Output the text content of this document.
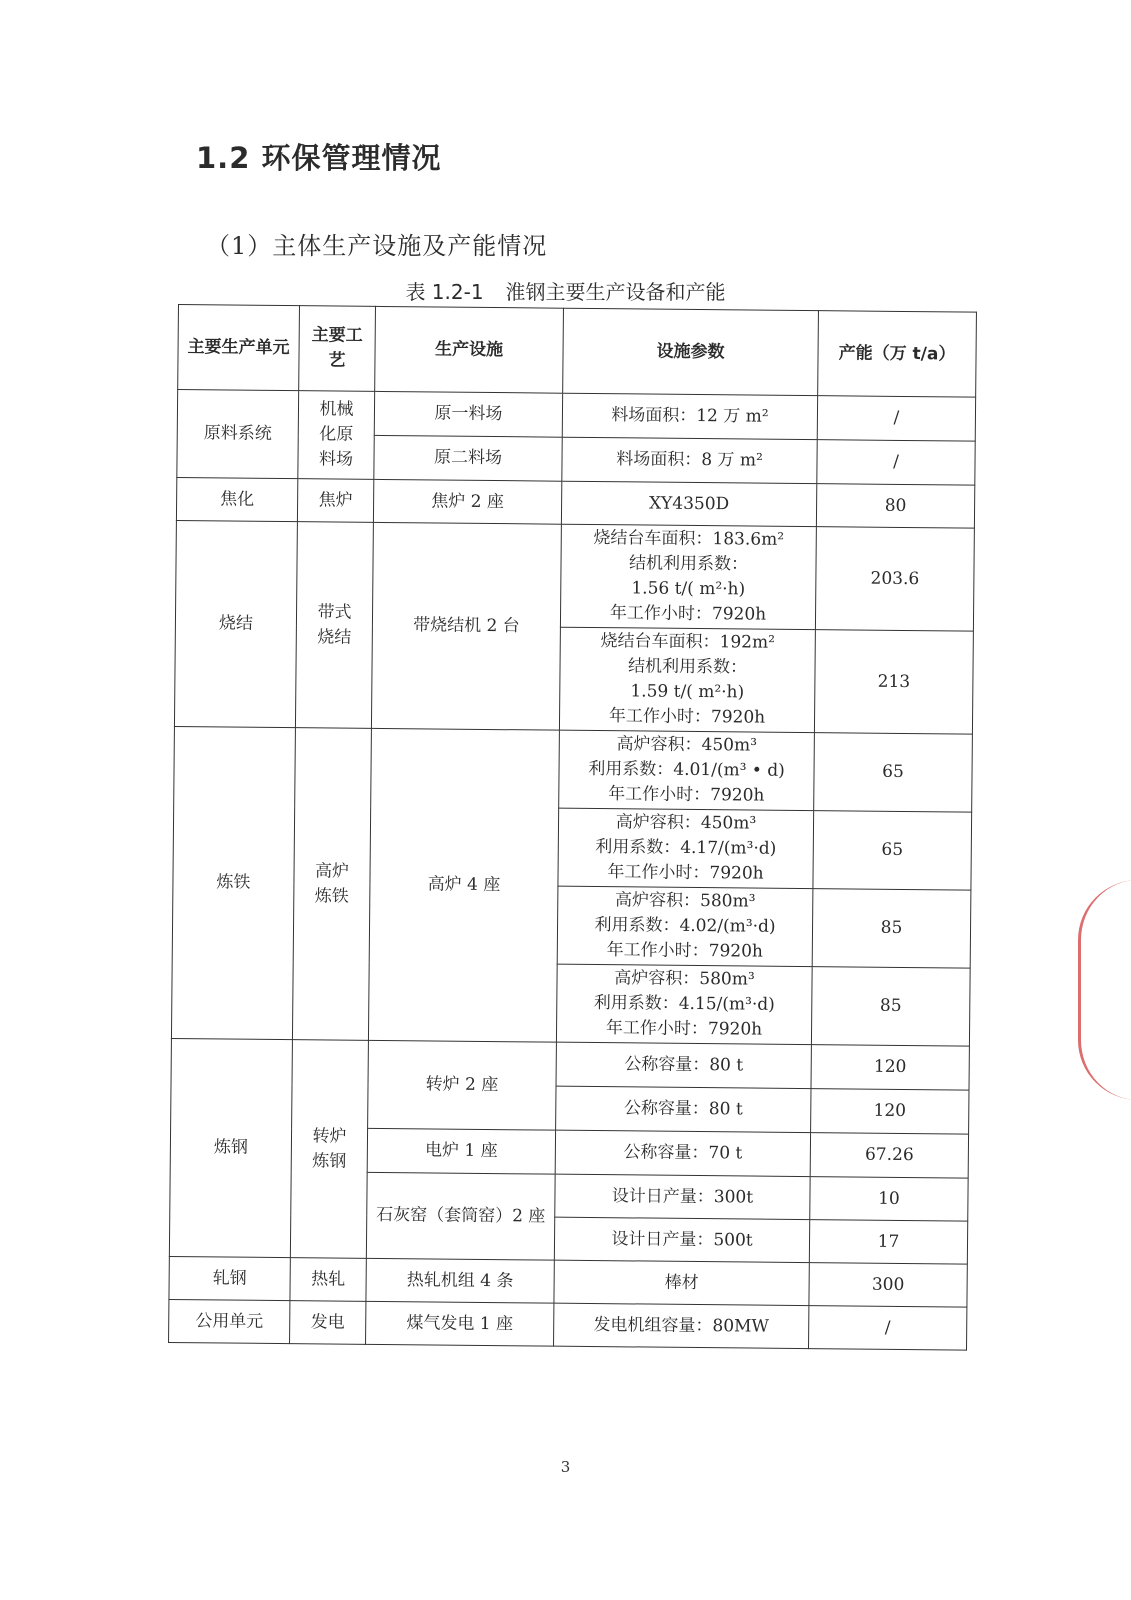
1.2 环保管理情况
（1）主体生产设施及产能情况
表 1.2-1 淮钢主要生产设备和产能
主要生产单元	主要工艺	生产设施	设施参数	产能（万 t/a）
原料系统	机械化原料场	原一料场	料场面积：12 万 m²	/
		原二料场	料场面积：8 万 m²	/
焦化	焦炉	焦炉 2 座	XY4350D	80
烧结	带式烧结	带烧结机 2 台	烧结台车面积：183.6m²
结机利用系数：
1.56 t/( m²·h)
年工作小时：7920h	203.6

			烧结台车面积：192m²
结机利用系数：
1.59 t/( m²·h)
年工作小时：7920h	213
炼铁	高炉炼铁	高炉 4 座	高炉容积：450m³
利用系数：4.01/(m³ • d)
年工作小时：7920h	65

			高炉容积：450m³
利用系数：4.17/(m³·d)
年工作小时：7920h	65

			高炉容积：580m³
利用系数：4.02/(m³·d)
年工作小时：7920h	85

			高炉容积：580m³
利用系数：4.15/(m³·d)
年工作小时：7920h	85
炼钢	转炉炼钢	转炉 2 座	公称容量：80 t	120

			公称容量：80 t	120
		电炉 1 座	公称容量：70 t	67.26
		石灰窑（套筒窑）2 座	设计日产量：300t	10

			设计日产量：500t	17
轧钢	热轧	热轧机组 4 条	棒材	300
公用单元	发电	煤气发电 1 座	发电机组容量：80MW	/
3
